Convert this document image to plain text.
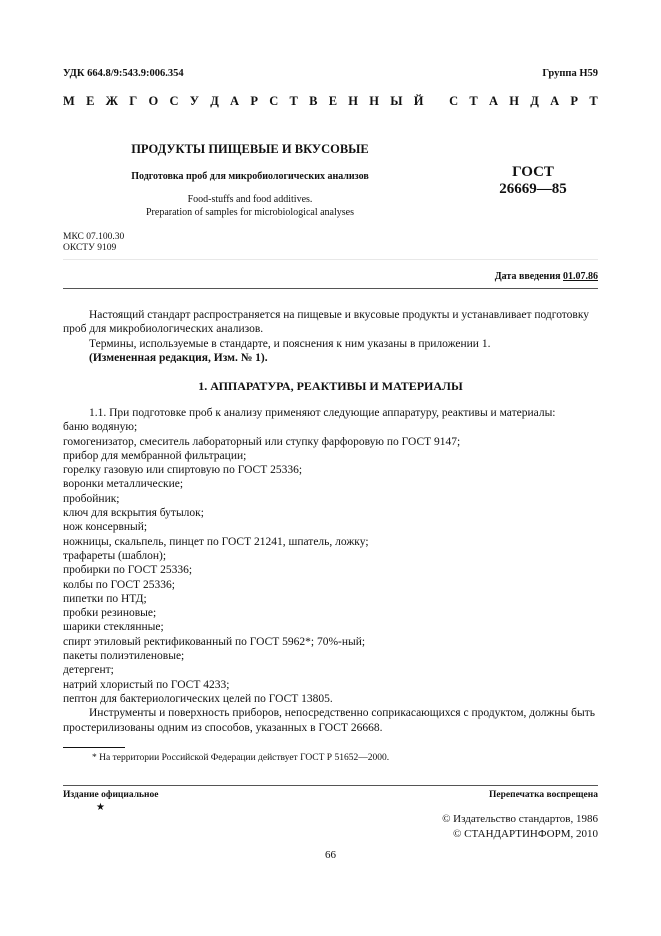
УДК 664.8/9:543.9:006.354	Группа Н59
М Е Ж Г О С У Д А Р С Т В Е Н Н Ы Й
С Т А Н Д А Р Т
ПРОДУКТЫ ПИЩЕВЫЕ И ВКУСОВЫЕ
Подготовка проб для микробиологических анализов
Food-stuffs and food additives.
Preparation of samples for microbiological analyses
ГОСТ
26669—85
МКС 07.100.30
ОКСТУ 9109
Дата введения 01.07.86

Настоящий стандарт распространяется на пищевые и вкусовые продукты и устанавливает подготовку проб для микробиологических анализов.

Термины, используемые в стандарте, и пояснения к ним указаны в приложении 1.

(Измененная редакция, Изм. № 1).

1. АППАРАТУРА, РЕАКТИВЫ И МАТЕРИАЛЫ

1.1. При подготовке проб к анализу применяют следующие аппаратуру, реактивы и материалы:

баню водяную;
гомогенизатор, смеситель лабораторный или ступку фарфоровую по ГОСТ 9147;
прибор для мембранной фильтрации;
горелку газовую или спиртовую по ГОСТ 25336;
воронки металлические;
пробойник;
ключ для вскрытия бутылок;
нож консервный;
ножницы, скальпель, пинцет по ГОСТ 21241, шпатель, ложку;
трафареты (шаблон);
пробирки по ГОСТ 25336;
колбы по ГОСТ 25336;
пипетки по НТД;
пробки резиновые;
шарики стеклянные;
спирт этиловый ректификованный по ГОСТ 5962*; 70%-ный;
пакеты полиэтиленовые;
детергент;
натрий хлористый по ГОСТ 4233;
пептон для бактериологических целей по ГОСТ 13805.

Инструменты и поверхность приборов, непосредственно соприкасающихся с продуктом, должны быть простерилизованы одним из способов, указанных в ГОСТ 26668.

* На территории Российской Федерации действует ГОСТ Р 51652—2000.
Издание официальное
★
Перепечатка воспрещена
© Издательство стандартов, 1986
© СТАНДАРТИНФОРМ, 2010
66
